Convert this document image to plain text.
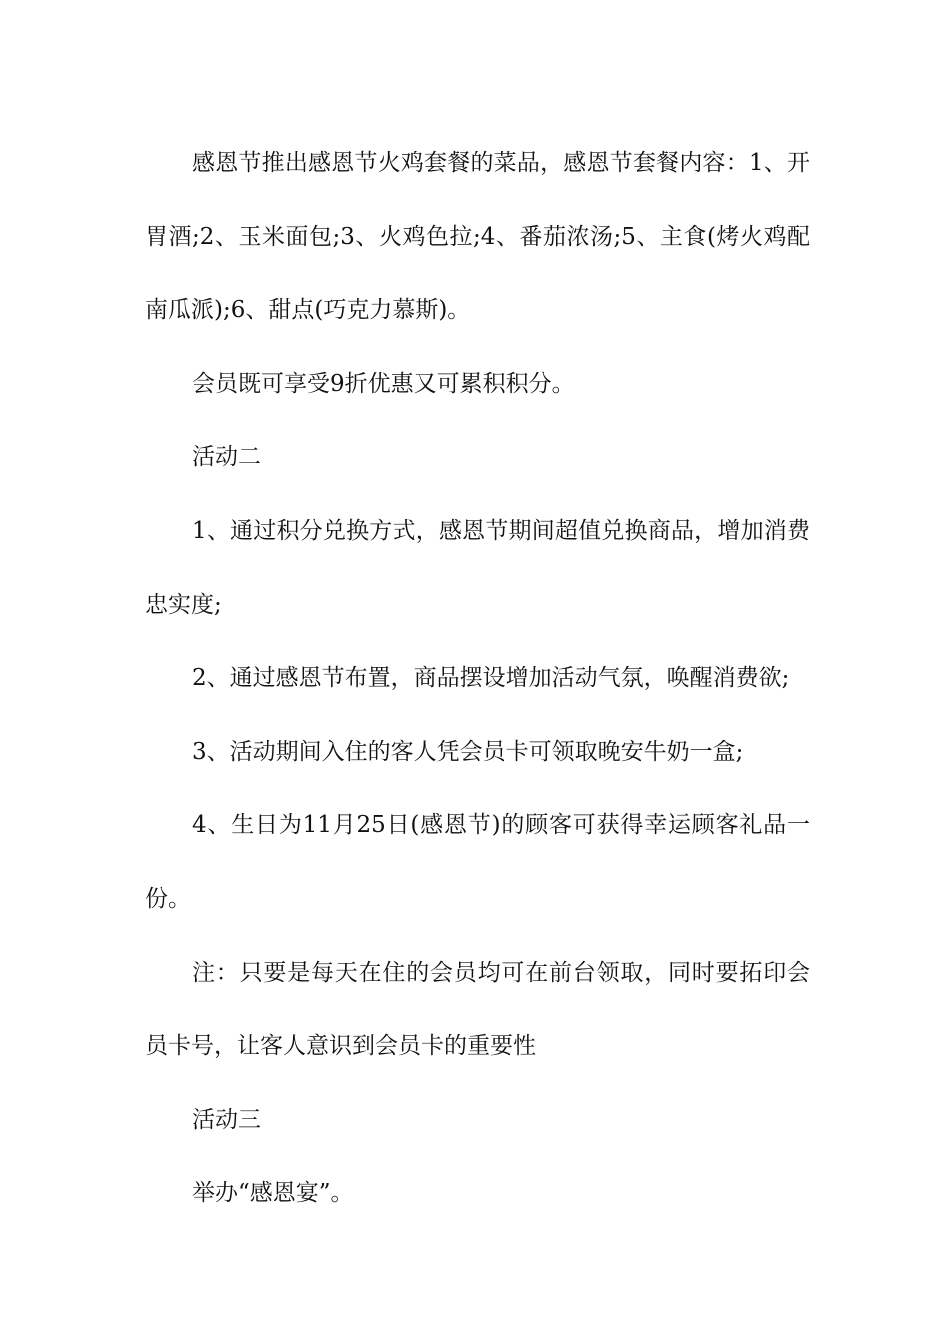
感恩节推出感恩节火鸡套餐的菜品，感恩节套餐内容：1、开胃酒;2、玉米面包;3、火鸡色拉;4、番茄浓汤;5、主食(烤火鸡配南瓜派);6、甜点(巧克力慕斯)。

会员既可享受9折优惠又可累积积分。

活动二

1、通过积分兑换方式，感恩节期间超值兑换商品，增加消费忠实度;

2、通过感恩节布置，商品摆设增加活动气氛，唤醒消费欲;

3、活动期间入住的客人凭会员卡可领取晚安牛奶一盒;

4、生日为11月25日(感恩节)的顾客可获得幸运顾客礼品一份。

注：只要是每天在住的会员均可在前台领取，同时要拓印会员卡号，让客人意识到会员卡的重要性

活动三

举办“感恩宴”。
